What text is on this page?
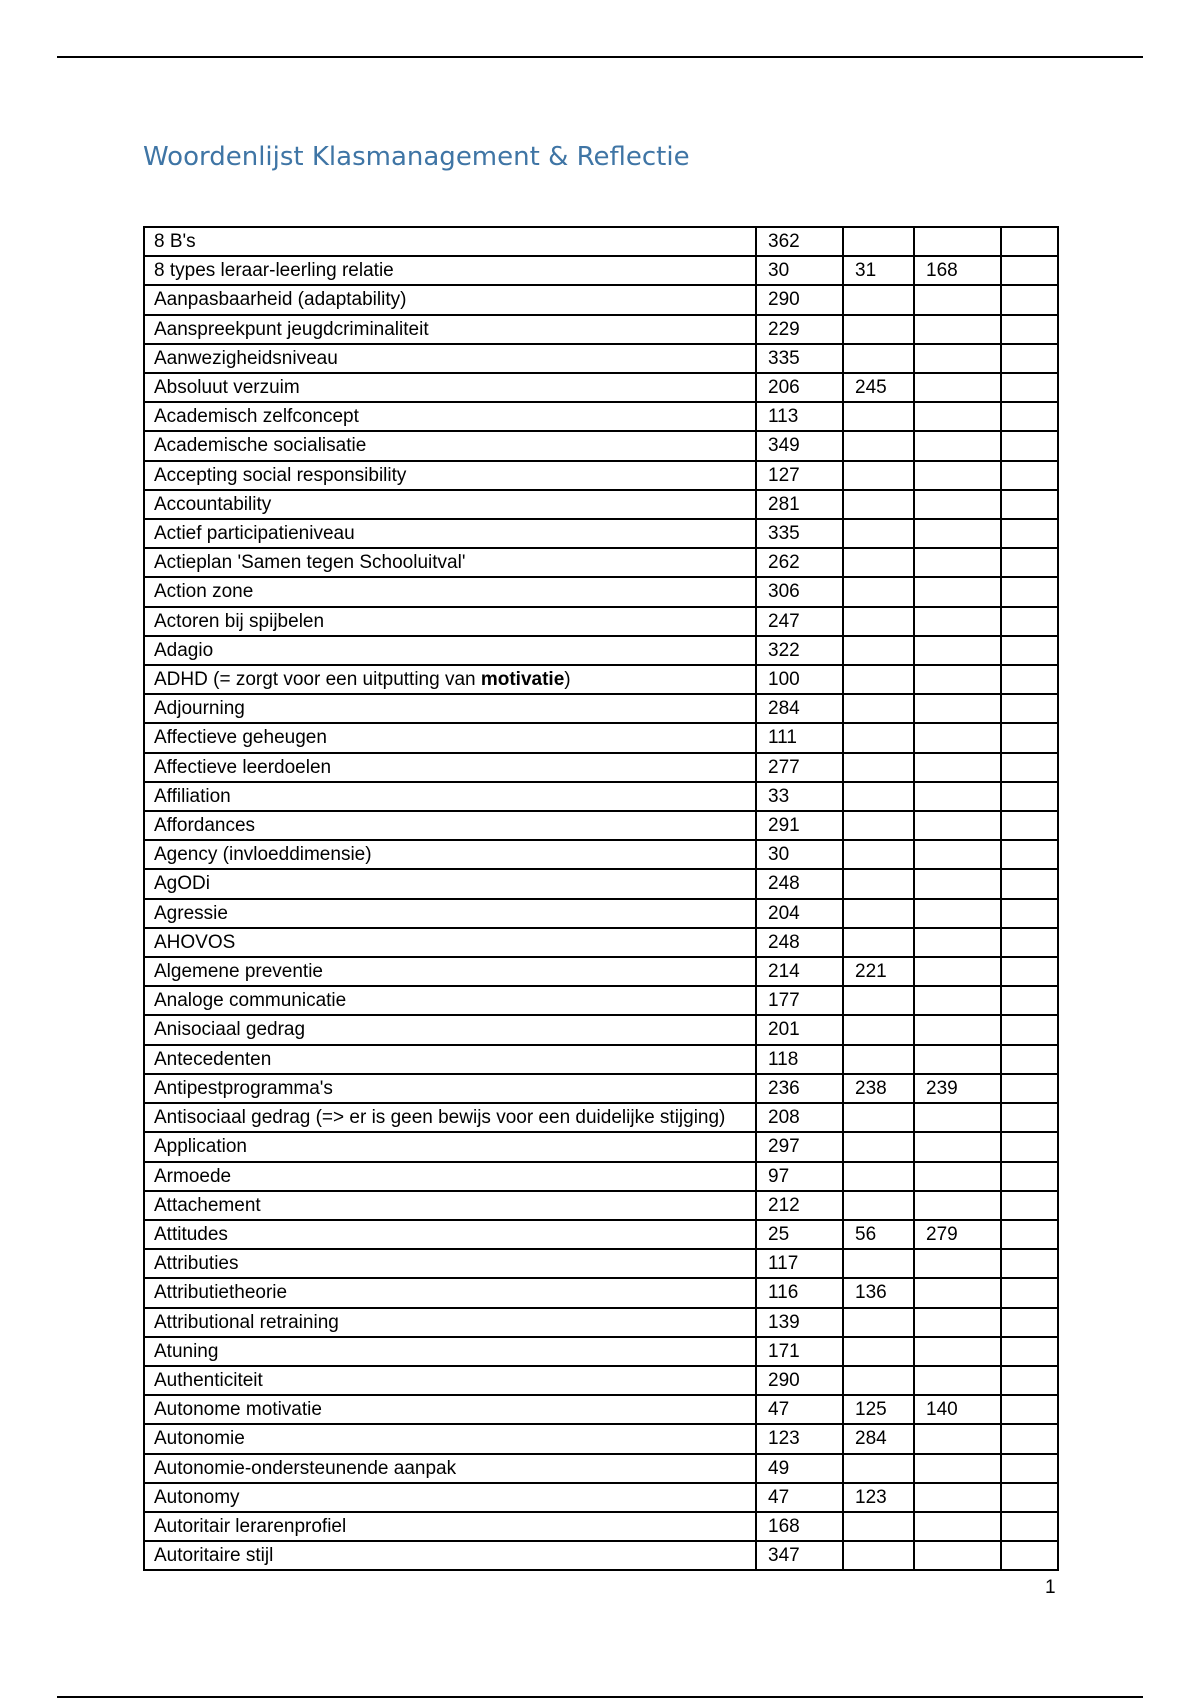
Woordenlijst Klasmanagement & Reflectie
8 B's	362			
8 types leraar-leerling relatie	30	31	168	
Aanpasbaarheid (adaptability)	290			
Aanspreekpunt jeugdcriminaliteit	229			
Aanwezigheidsniveau	335			
Absoluut verzuim	206	245		
Academisch zelfconcept	113			
Academische socialisatie	349			
Accepting social responsibility	127			
Accountability	281			
Actief participatieniveau	335			
Actieplan 'Samen tegen Schooluitval'	262			
Action zone	306			
Actoren bij spijbelen	247			
Adagio	322			
ADHD (= zorgt voor een uitputting van motivatie)	100			
Adjourning	284			
Affectieve geheugen	111			
Affectieve leerdoelen	277			
Affiliation	33			
Affordances	291			
Agency (invloeddimensie)	30			
AgODi	248			
Agressie	204			
AHOVOS	248			
Algemene preventie	214	221		
Analoge communicatie	177			
Anisociaal gedrag	201			
Antecedenten	118			
Antipestprogramma's	236	238	239	
Antisociaal gedrag (=> er is geen bewijs voor een duidelijke stijging)	208			
Application	297			
Armoede	97			
Attachement	212			
Attitudes	25	56	279	
Attributies	117			
Attributietheorie	116	136		
Attributional retraining	139			
Atuning	171			
Authenticiteit	290			
Autonome motivatie	47	125	140	
Autonomie	123	284		
Autonomie-ondersteunende aanpak	49			
Autonomy	47	123		
Autoritair lerarenprofiel	168			
Autoritaire stijl	347			
1
